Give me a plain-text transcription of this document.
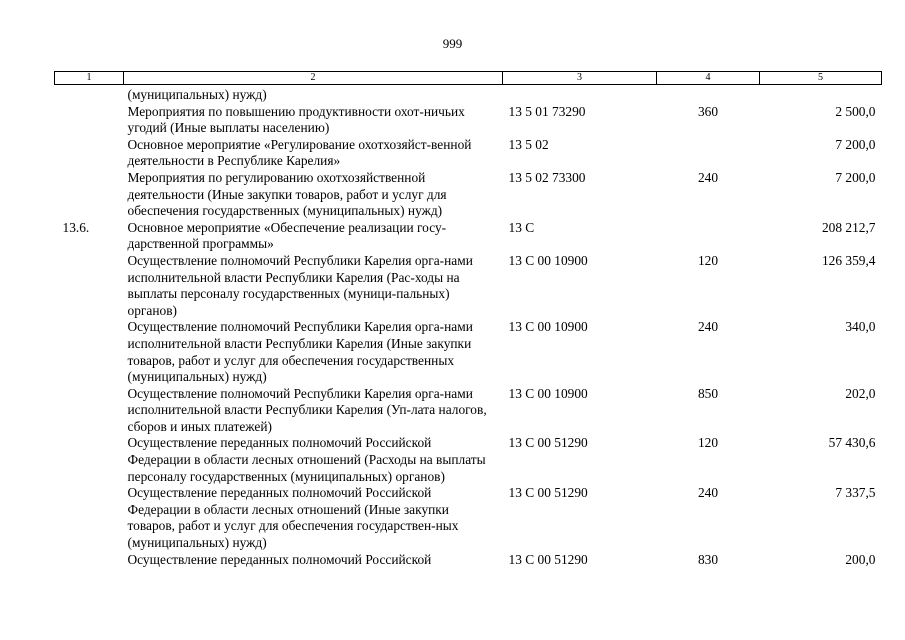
999
1	2	3	4	5

	(муниципальных) нужд)			
	Мероприятия по повышению продуктивности охот-ничьих угодий (Иные выплаты населению)	13 5 01 73290	360	2 500,0
	Основное мероприятие «Регулирование охотхозяйст-венной деятельности в Республике Карелия»	13 5 02		7 200,0
	Мероприятия по регулированию охотхозяйственной деятельности (Иные закупки товаров, работ и услуг для обеспечения государственных (муниципальных) нужд)	13 5 02 73300	240	7 200,0
13.6.	Основное мероприятие «Обеспечение реализации госу-дарственной программы»	13 С		208 212,7
	Осуществление полномочий Республики Карелия орга-нами исполнительной власти Республики Карелия (Рас-ходы на выплаты персоналу государственных (муници-пальных) органов)	13 С 00 10900	120	126 359,4
	Осуществление полномочий Республики Карелия орга-нами исполнительной власти Республики Карелия (Иные закупки товаров, работ и услуг для обеспечения государственных (муниципальных) нужд)	13 С 00 10900	240	340,0
	Осуществление полномочий Республики Карелия орга-нами исполнительной власти Республики Карелия (Уп-лата налогов, сборов и иных платежей)	13 С 00 10900	850	202,0
	Осуществление переданных полномочий Российской Федерации в области лесных отношений (Расходы на выплаты персоналу государственных (муниципальных) органов)	13 С 00 51290	120	57 430,6
	Осуществление переданных полномочий Российской Федерации в области лесных отношений (Иные закупки товаров, работ и услуг для обеспечения государствен-ных (муниципальных) нужд)	13 С 00 51290	240	7 337,5
	Осуществление переданных полномочий Российской	13 С 00 51290	830	200,0
